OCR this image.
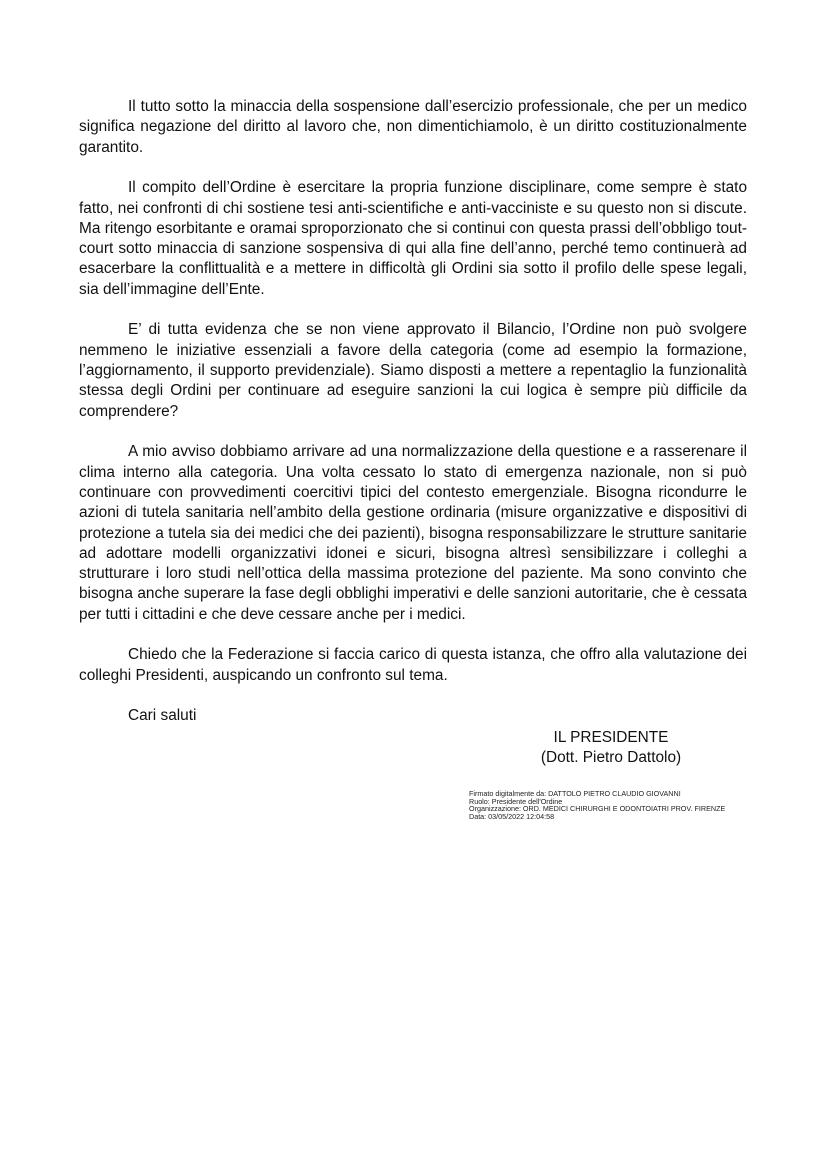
Il tutto sotto la minaccia della sospensione dall’esercizio professionale, che per un medico significa negazione del diritto al lavoro che, non dimentichiamolo, è un diritto costituzionalmente garantito.

Il compito dell’Ordine è esercitare la propria funzione disciplinare, come sempre è stato fatto, nei confronti di chi sostiene tesi anti-scientifiche e anti-vacciniste e su questo non si discute. Ma ritengo esorbitante e oramai sproporzionato che si continui con questa prassi dell’obbligo tout-court sotto minaccia di sanzione sospensiva di qui alla fine dell’anno, perché temo continuerà ad esacerbare la conflittualità e a mettere in difficoltà gli Ordini sia sotto il profilo delle spese legali, sia dell’immagine dell’Ente.

E’ di tutta evidenza che se non viene approvato il Bilancio, l’Ordine non può svolgere nemmeno le iniziative essenziali a favore della categoria (come ad esempio la formazione, l’aggiornamento, il supporto previdenziale). Siamo disposti a mettere a repentaglio la funzionalità stessa degli Ordini per continuare ad eseguire sanzioni la cui logica è sempre più difficile da comprendere?

A mio avviso dobbiamo arrivare ad una normalizzazione della questione e a rasserenare il clima interno alla categoria. Una volta cessato lo stato di emergenza nazionale, non si può continuare con provvedimenti coercitivi tipici del contesto emergenziale. Bisogna ricondurre le azioni di tutela sanitaria nell’ambito della gestione ordinaria (misure organizzative e dispositivi di protezione a tutela sia dei medici che dei pazienti), bisogna responsabilizzare le strutture sanitarie ad adottare modelli organizzativi idonei e sicuri, bisogna altresì sensibilizzare i colleghi a strutturare i loro studi nell’ottica della massima protezione del paziente. Ma sono convinto che bisogna anche superare la fase degli obblighi imperativi e delle sanzioni autoritarie, che è cessata per tutti i cittadini e che deve cessare anche per i medici.

Chiedo che la Federazione si faccia carico di questa istanza, che offro alla valutazione dei colleghi Presidenti, auspicando un confronto sul tema.

Cari saluti

IL PRESIDENTE
(Dott. Pietro Dattolo)
Firmato digitalmente da: DATTOLO PIETRO CLAUDIO GIOVANNI
Ruolo: Presidente dell'Ordine
Organizzazione: ORD. MEDICI CHIRURGHI E ODONTOIATRI PROV. FIRENZE
Data: 03/05/2022 12:04:58
